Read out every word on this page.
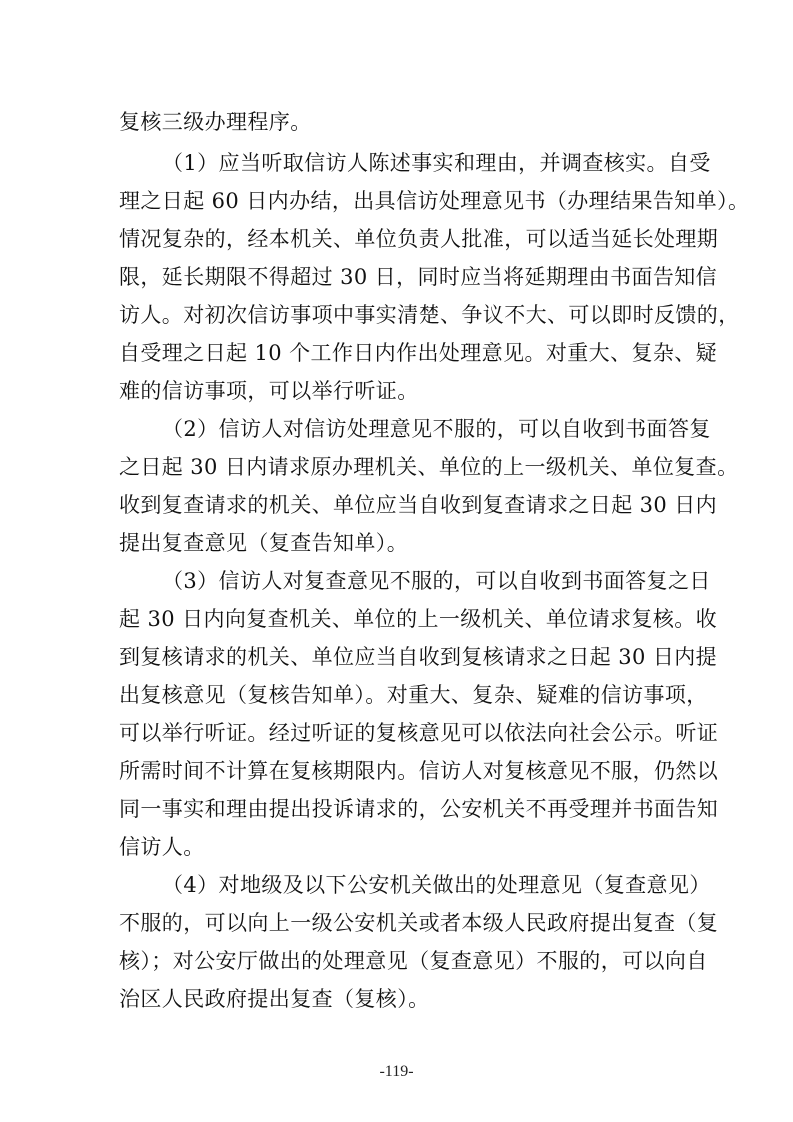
复核三级办理程序。
（1）应当听取信访人陈述事实和理由，并调查核实。自受
理之日起 60 日内办结，出具信访处理意见书（办理结果告知单）。
情况复杂的，经本机关、单位负责人批准，可以适当延长处理期
限，延长期限不得超过 30 日，同时应当将延期理由书面告知信
访人。对初次信访事项中事实清楚、争议不大、可以即时反馈的，
自受理之日起 10 个工作日内作出处理意见。对重大、复杂、疑
难的信访事项，可以举行听证。
（2）信访人对信访处理意见不服的，可以自收到书面答复
之日起 30 日内请求原办理机关、单位的上一级机关、单位复查。
收到复查请求的机关、单位应当自收到复查请求之日起 30 日内
提出复查意见（复查告知单）。
（3）信访人对复查意见不服的，可以自收到书面答复之日
起 30 日内向复查机关、单位的上一级机关、单位请求复核。收
到复核请求的机关、单位应当自收到复核请求之日起 30 日内提
出复核意见（复核告知单）。对重大、复杂、疑难的信访事项，
可以举行听证。经过听证的复核意见可以依法向社会公示。听证
所需时间不计算在复核期限内。信访人对复核意见不服，仍然以
同一事实和理由提出投诉请求的，公安机关不再受理并书面告知
信访人。
（4）对地级及以下公安机关做出的处理意见（复查意见）
不服的，可以向上一级公安机关或者本级人民政府提出复查（复
核）；对公安厅做出的处理意见（复查意见）不服的，可以向自
治区人民政府提出复查（复核）。
-119-
